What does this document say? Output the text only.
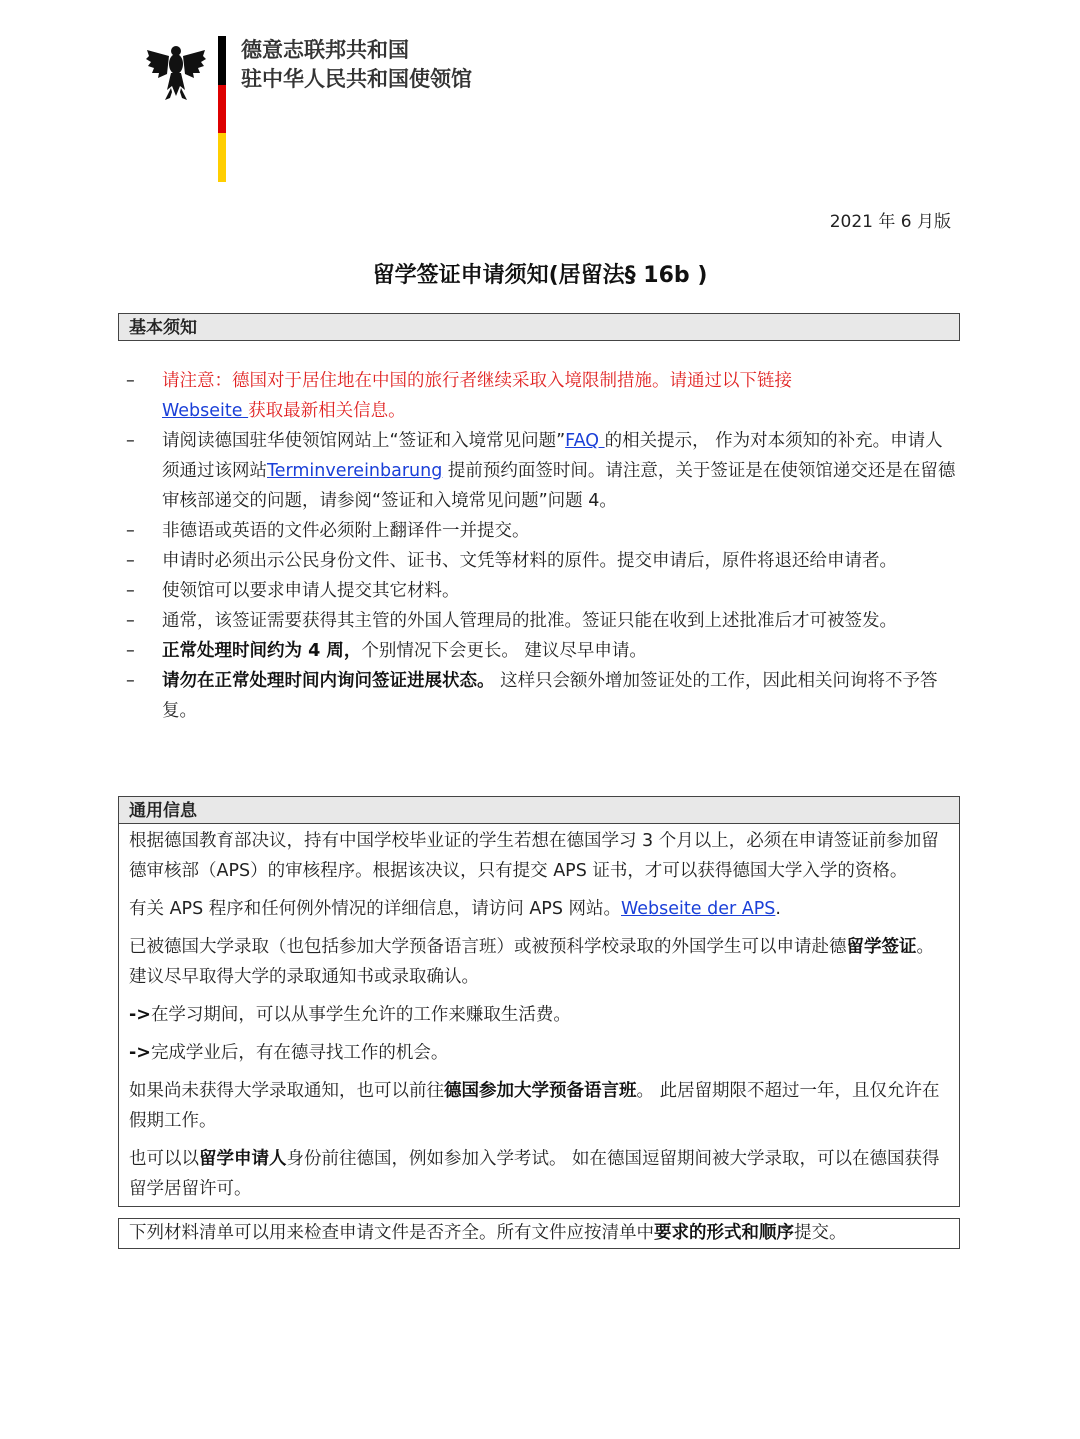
德意志联邦共和国
驻中华人民共和国使领馆
2021 年 6 月版
留学签证申请须知(居留法§ 16b )
基本须知
– 请注意：德国对于居住地在中国的旅行者继续采取入境限制措施。请通过以下链接
Webseite 获取最新相关信息。
– 请阅读德国驻华使领馆网站上“签证和入境常见问题”FAQ 的相关提示， 作为对本须知的补充。申请人须通过该网站Terminvereinbarung 提前预约面签时间。请注意，关于签证是在使领馆递交还是在留德审核部递交的问题，请参阅“签证和入境常见问题”问题 4。
– 非德语或英语的文件必须附上翻译件一并提交。
– 申请时必须出示公民身份文件、证书、文凭等材料的原件。提交申请后，原件将退还给申请者。
– 使领馆可以要求申请人提交其它材料。
– 通常，该签证需要获得其主管的外国人管理局的批准。签证只能在收到上述批准后才可被签发。
– 正常处理时间约为 4 周，个别情况下会更长。 建议尽早申请。
– 请勿在正常处理时间内询问签证进展状态。 这样只会额外增加签证处的工作，因此相关问询将不予答复。
通用信息

根据德国教育部决议，持有中国学校毕业证的学生若想在德国学习 3 个月以上，必须在申请签证前参加留德审核部（APS）的审核程序。根据该决议，只有提交 APS 证书，才可以获得德国大学入学的资格。

有关 APS 程序和任何例外情况的详细信息，请访问 APS 网站。Webseite der APS.

已被德国大学录取（也包括参加大学预备语言班）或被预科学校录取的外国学生可以申请赴德留学签证。建议尽早取得大学的录取通知书或录取确认。

->在学习期间，可以从事学生允许的工作来赚取生活费。

->完成学业后，有在德寻找工作的机会。

如果尚未获得大学录取通知，也可以前往德国参加大学预备语言班。 此居留期限不超过一年，且仅允许在假期工作。

也可以以留学申请人身份前往德国，例如参加入学考试。 如在德国逗留期间被大学录取，可以在德国获得留学居留许可。

下列材料清单可以用来检查申请文件是否齐全。所有文件应按清单中要求的形式和顺序提交。
